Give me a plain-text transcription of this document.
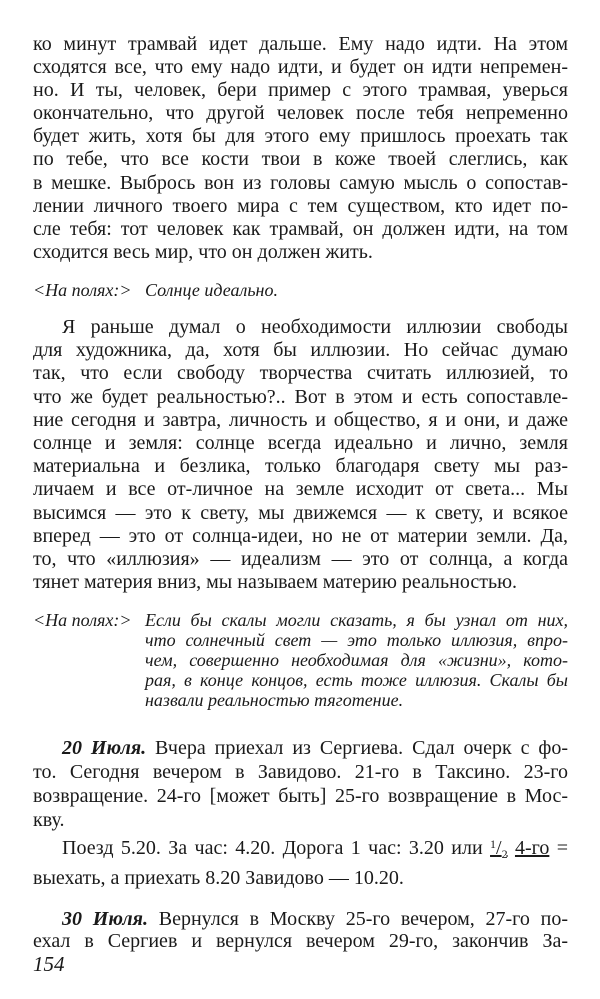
ко минут трамвай идет дальше. Ему надо идти. На этом
сходятся все, что ему надо идти, и будет он идти непремен-
но. И ты, человек, бери пример с этого трамвая, уверься
окончательно, что другой человек после тебя непременно
будет жить, хотя бы для этого ему пришлось проехать так
по тебе, что все кости твои в коже твоей слеглись, как
в мешке. Выбрось вон из головы самую мысль о сопостав-
лении личного твоего мира с тем существом, кто идет по-
сле тебя: тот человек как трамвай, он должен идти, на том
сходится весь мир, что он должен жить.
<На полях:> Солнце идеально.
Я раньше думал о необходимости иллюзии свободы
для художника, да, хотя бы иллюзии. Но сейчас думаю
так, что если свободу творчества считать иллюзией, то
что же будет реальностью?.. Вот в этом и есть сопоставле-
ние сегодня и завтра, личность и общество, я и они, и даже
солнце и земля: солнце всегда идеально и лично, земля
материальна и безлика, только благодаря свету мы раз-
личаем и все от-личное на земле исходит от света... Мы
высимся — это к свету, мы движемся — к свету, и всякое
вперед — это от солнца-идеи, но не от материи земли. Да,
то, что «иллюзия» — идеализм — это от солнца, а когда
тянет материя вниз, мы называем материю реальностью.
<На полях:> Если бы скалы могли сказать, я бы узнал от них,
что солнечный свет — это только иллюзия, впро-
чем, совершенно необходимая для «жизни», кото-
рая, в конце концов, есть тоже иллюзия. Скалы бы
назвали реальностью тяготение.
20 Июля. Вчера приехал из Сергиева. Сдал очерк с фо-
то. Сегодня вечером в Завидово. 21-го в Таксино. 23-го
возвращение. 24-го [может быть] 25-го возвращение в Мос-
кву.
Поезд 5.20. За час: 4.20. Дорога 1 час: 3.20 или $^1/_2$ 4-го =
выехать, а приехать 8.20 Завидово — 10.20.
30 Июля. Вернулся в Москву 25-го вечером, 27-го по-
ехал в Сергиев и вернулся вечером 29-го, закончив За-
154
